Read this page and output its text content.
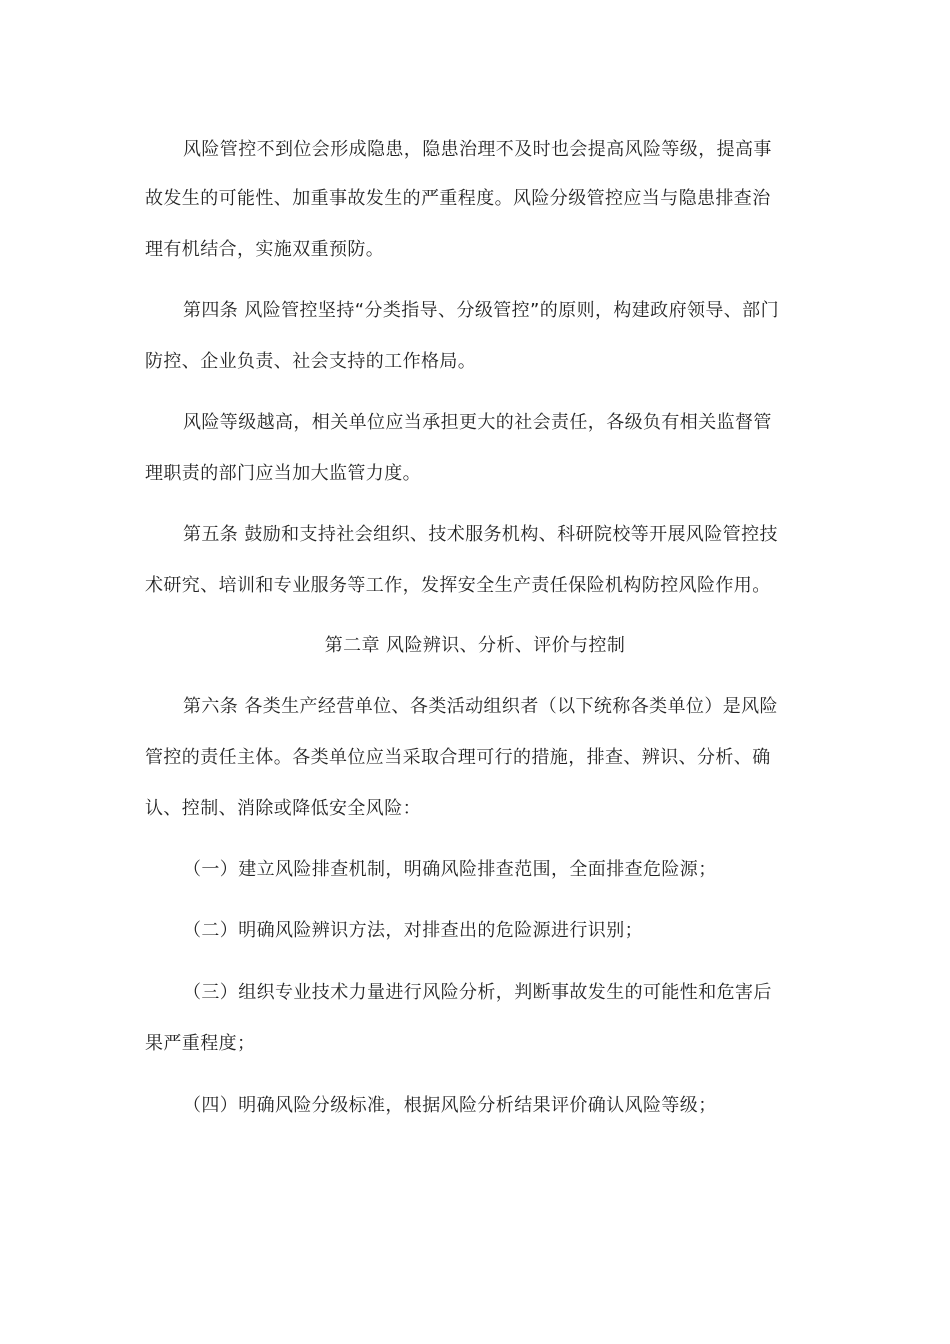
风险管控不到位会形成隐患，隐患治理不及时也会提高风险等级，提高事
故发生的可能性、加重事故发生的严重程度。风险分级管控应当与隐患排查治
理有机结合，实施双重预防。
第四条 风险管控坚持“分类指导、分级管控”的原则，构建政府领导、部门
防控、企业负责、社会支持的工作格局。
风险等级越高，相关单位应当承担更大的社会责任，各级负有相关监督管
理职责的部门应当加大监管力度。
第五条 鼓励和支持社会组织、技术服务机构、科研院校等开展风险管控技
术研究、培训和专业服务等工作，发挥安全生产责任保险机构防控风险作用。
第二章 风险辨识、分析、评价与控制
第六条 各类生产经营单位、各类活动组织者（以下统称各类单位）是风险
管控的责任主体。各类单位应当采取合理可行的措施，排查、辨识、分析、确
认、控制、消除或降低安全风险：
（一）建立风险排查机制，明确风险排查范围，全面排查危险源；
（二）明确风险辨识方法，对排查出的危险源进行识别；
（三）组织专业技术力量进行风险分析，判断事故发生的可能性和危害后
果严重程度；
（四）明确风险分级标准，根据风险分析结果评价确认风险等级；
